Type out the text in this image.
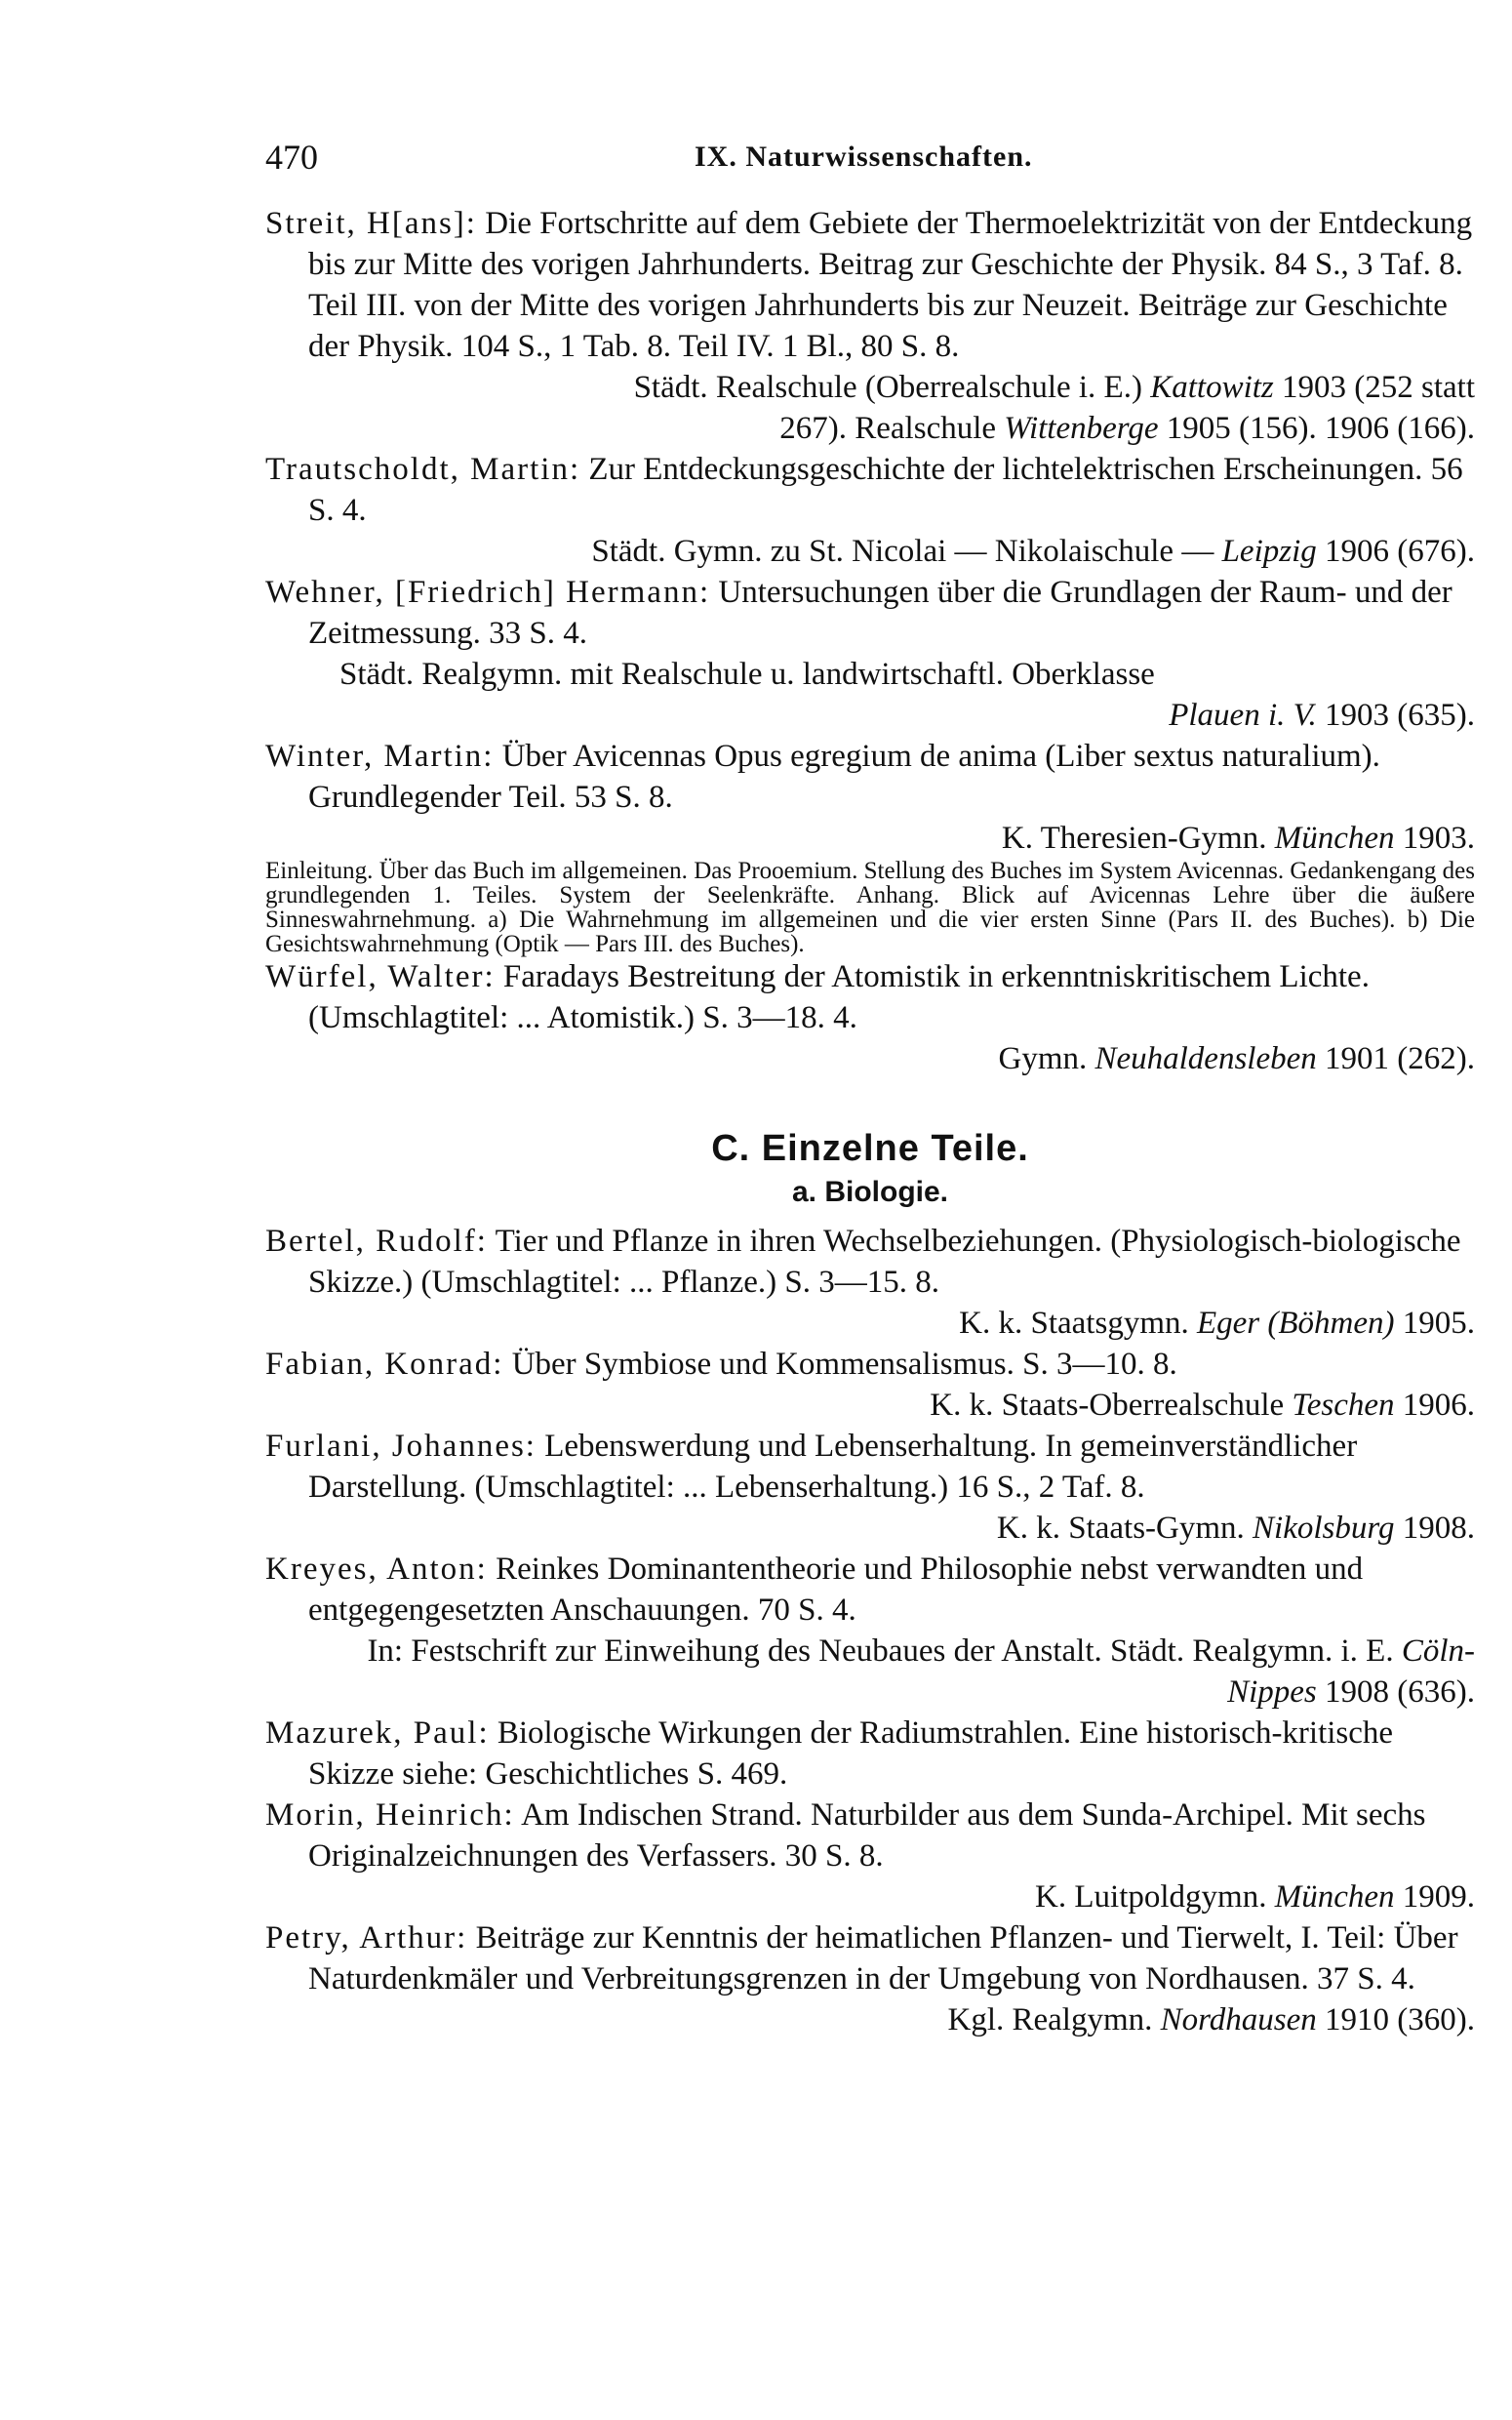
470	IX. Naturwissenschaften.

Streit, H[ans]: Die Fortschritte auf dem Gebiete der Thermoelektrizität von der Entdeckung bis zur Mitte des vorigen Jahrhunderts. Beitrag zur Geschichte der Physik. 84 S., 3 Taf. 8. Teil III. von der Mitte des vorigen Jahrhunderts bis zur Neuzeit. Beiträge zur Geschichte der Physik. 104 S., 1 Tab. 8. Teil IV. 1 Bl., 80 S. 8.

Städt. Realschule (Oberrealschule i. E.) Kattowitz 1903 (252 statt

267). Realschule Wittenberge 1905 (156). 1906 (166).

Trautscholdt, Martin: Zur Entdeckungsgeschichte der lichtelektrischen Erscheinungen. 56 S. 4.

Städt. Gymn. zu St. Nicolai — Nikolaischule — Leipzig 1906 (676).

Wehner, [Friedrich] Hermann: Untersuchungen über die Grundlagen der Raum- und der Zeitmessung. 33 S. 4.

Städt. Realgymn. mit Realschule u. landwirtschaftl. Oberklasse

Plauen i. V. 1903 (635).

Winter, Martin: Über Avicennas Opus egregium de anima (Liber sextus naturalium). Grundlegender Teil. 53 S. 8.

K. Theresien-Gymn. München 1903.

Einleitung. Über das Buch im allgemeinen. Das Prooemium. Stellung des Buches im System Avicennas. Gedankengang des grundlegenden 1. Teiles. System der Seelenkräfte. Anhang. Blick auf Avicennas Lehre über die äußere Sinneswahrnehmung. a) Die Wahrnehmung im allgemeinen und die vier ersten Sinne (Pars II. des Buches). b) Die Gesichtswahrnehmung (Optik — Pars III. des Buches).

Würfel, Walter: Faradays Bestreitung der Atomistik in erkenntniskritischem Lichte. (Umschlagtitel: ... Atomistik.) S. 3—18. 4.

Gymn. Neuhaldensleben 1901 (262).

C. Einzelne Teile.
a. Biologie.

Bertel, Rudolf: Tier und Pflanze in ihren Wechselbeziehungen. (Physiologisch-biologische Skizze.) (Umschlagtitel: ... Pflanze.) S. 3—15. 8.

K. k. Staatsgymn. Eger (Böhmen) 1905.

Fabian, Konrad: Über Symbiose und Kommensalismus. S. 3—10. 8.

K. k. Staats-Oberrealschule Teschen 1906.

Furlani, Johannes: Lebenswerdung und Lebenserhaltung. In gemeinverständlicher Darstellung. (Umschlagtitel: ... Lebenserhaltung.) 16 S., 2 Taf. 8.

K. k. Staats-Gymn. Nikolsburg 1908.

Kreyes, Anton: Reinkes Dominantentheorie und Philosophie nebst verwandten und entgegengesetzten Anschauungen. 70 S. 4.

In: Festschrift zur Einweihung des Neubaues der Anstalt. Städt. Realgymn. i. E. Cöln-Nippes 1908 (636).

Mazurek, Paul: Biologische Wirkungen der Radiumstrahlen. Eine historisch-kritische Skizze siehe: Geschichtliches S. 469.

Morin, Heinrich: Am Indischen Strand. Naturbilder aus dem Sunda-Archipel. Mit sechs Originalzeichnungen des Verfassers. 30 S. 8.

K. Luitpoldgymn. München 1909.

Petry, Arthur: Beiträge zur Kenntnis der heimatlichen Pflanzen- und Tierwelt, I. Teil: Über Naturdenkmäler und Verbreitungsgrenzen in der Umgebung von Nordhausen. 37 S. 4.

Kgl. Realgymn. Nordhausen 1910 (360).
